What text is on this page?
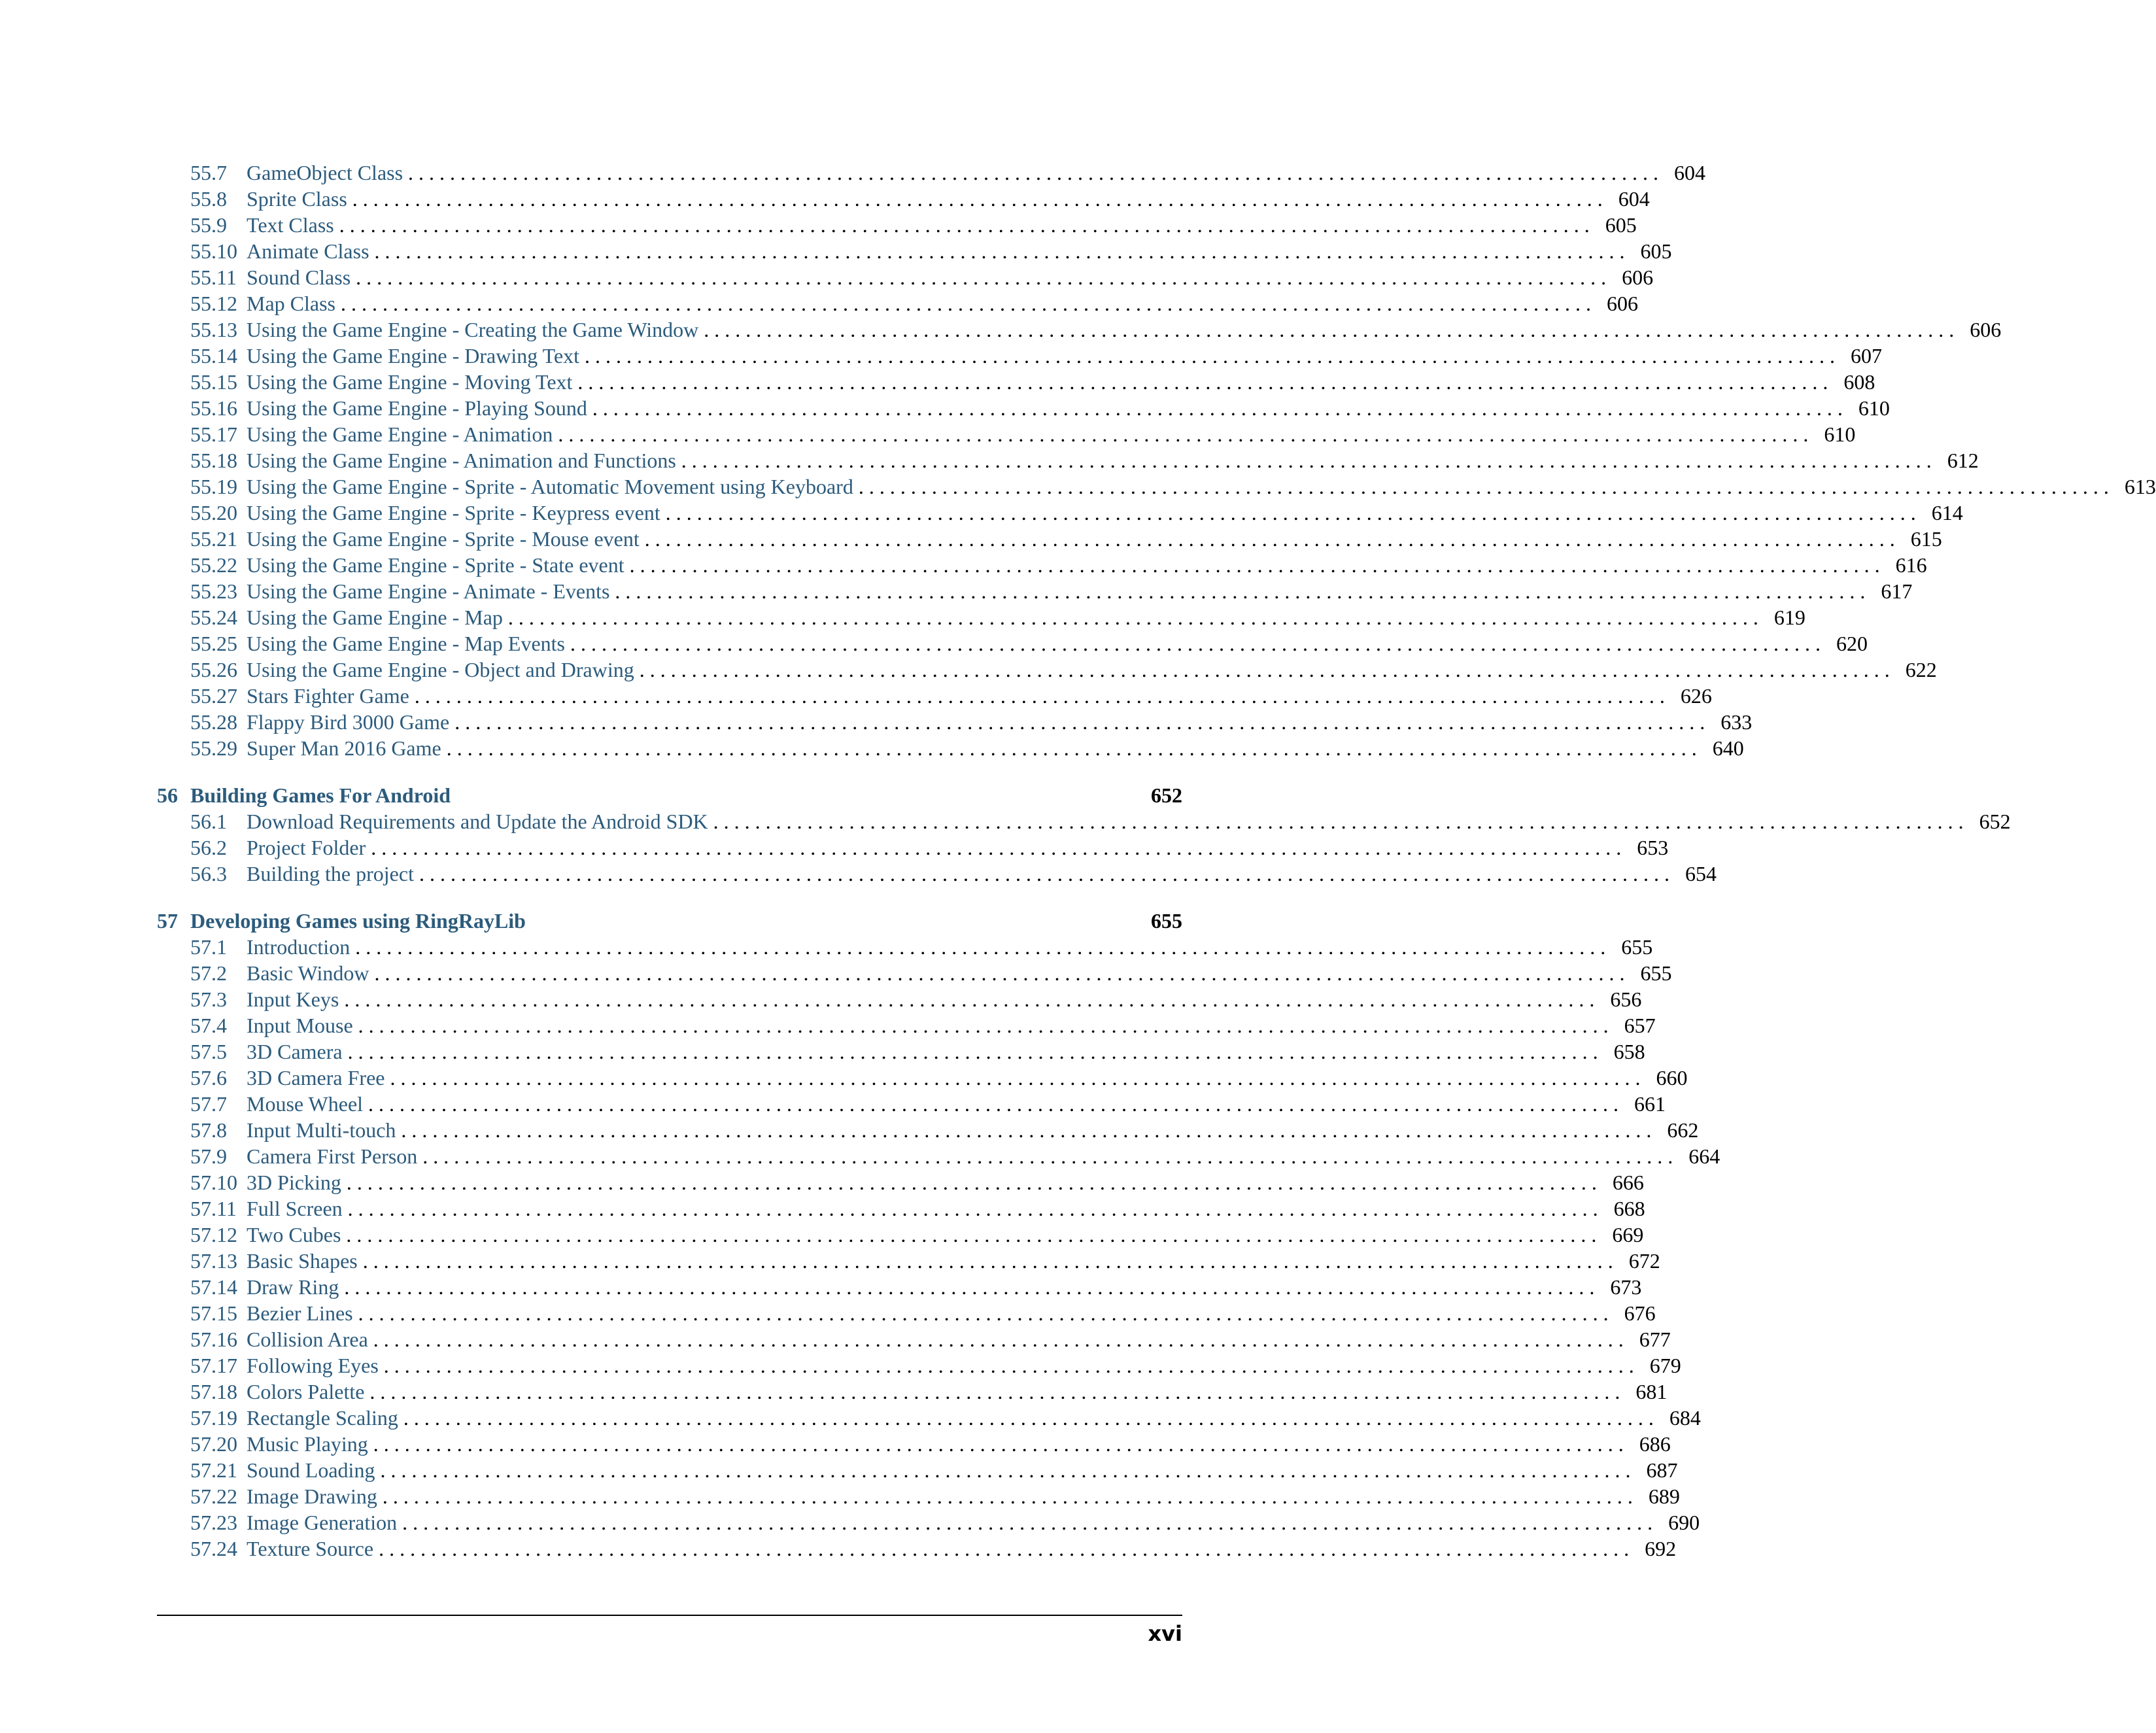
55.7 GameObject Class . . . . . . . . . . . . . . . . . . . . . . . . . . . . . . . . . . . . . . . . . . . . . . . . . . . . . . . . . . . . . . . . . . . . . . . . . . . . . . . . . . . . . . . . . . . . . . . . . . . . . . . . . . . . . . . . . . . . . . . . 604
55.8 Sprite Class . . . . . . . . . . . . . . . . . . . . . . . . . . . . . . . . . . . . . . . . . . . . . . . . . . . . . . . . . . . . . . . . . . . . . . . . . . . . . . . . . . . . . . . . . . . . . . . . . . . . . . . . . . . . . . . . . . . . . . . . 604
55.9 Text Class . . . . . . . . . . . . . . . . . . . . . . . . . . . . . . . . . . . . . . . . . . . . . . . . . . . . . . . . . . . . . . . . . . . . . . . . . . . . . . . . . . . . . . . . . . . . . . . . . . . . . . . . . . . . . . . . . . . . . . . . 605
55.10 Animate Class . . . . . . . . . . . . . . . . . . . . . . . . . . . . . . . . . . . . . . . . . . . . . . . . . . . . . . . . . . . . . . . . . . . . . . . . . . . . . . . . . . . . . . . . . . . . . . . . . . . . . . . . . . . . . . . . . . . . . . . . 605
55.11 Sound Class . . . . . . . . . . . . . . . . . . . . . . . . . . . . . . . . . . . . . . . . . . . . . . . . . . . . . . . . . . . . . . . . . . . . . . . . . . . . . . . . . . . . . . . . . . . . . . . . . . . . . . . . . . . . . . . . . . . . . . . . 606
55.12 Map Class . . . . . . . . . . . . . . . . . . . . . . . . . . . . . . . . . . . . . . . . . . . . . . . . . . . . . . . . . . . . . . . . . . . . . . . . . . . . . . . . . . . . . . . . . . . . . . . . . . . . . . . . . . . . . . . . . . . . . . . . 606
55.13 Using the Game Engine - Creating the Game Window . . . . . . . . . . . . . . . . . . . . . . . . . . . . . . . . . . . . . . . . . . . . . . . . . . . . . . . . . . . . . . . . . . . . . . . . . . . . . . . . . . . . . . . . . . . . . . . . . . . . . . . . . . . . . . . . . . . . . . . . 606
55.14 Using the Game Engine - Drawing Text . . . . . . . . . . . . . . . . . . . . . . . . . . . . . . . . . . . . . . . . . . . . . . . . . . . . . . . . . . . . . . . . . . . . . . . . . . . . . . . . . . . . . . . . . . . . . . . . . . . . . . . . . . . . . . . . . . . . . . . . 607
55.15 Using the Game Engine - Moving Text . . . . . . . . . . . . . . . . . . . . . . . . . . . . . . . . . . . . . . . . . . . . . . . . . . . . . . . . . . . . . . . . . . . . . . . . . . . . . . . . . . . . . . . . . . . . . . . . . . . . . . . . . . . . . . . . . . . . . . . . 608
55.16 Using the Game Engine - Playing Sound . . . . . . . . . . . . . . . . . . . . . . . . . . . . . . . . . . . . . . . . . . . . . . . . . . . . . . . . . . . . . . . . . . . . . . . . . . . . . . . . . . . . . . . . . . . . . . . . . . . . . . . . . . . . . . . . . . . . . . . . 610
55.17 Using the Game Engine - Animation . . . . . . . . . . . . . . . . . . . . . . . . . . . . . . . . . . . . . . . . . . . . . . . . . . . . . . . . . . . . . . . . . . . . . . . . . . . . . . . . . . . . . . . . . . . . . . . . . . . . . . . . . . . . . . . . . . . . . . . . 610
55.18 Using the Game Engine - Animation and Functions . . . . . . . . . . . . . . . . . . . . . . . . . . . . . . . . . . . . . . . . . . . . . . . . . . . . . . . . . . . . . . . . . . . . . . . . . . . . . . . . . . . . . . . . . . . . . . . . . . . . . . . . . . . . . . . . . . . . . . . . 612
55.19 Using the Game Engine - Sprite - Automatic Movement using Keyboard . . . . . . . . . . . . . . . . . . . . . . . . . . . . . . . . . . . . . . . . . . . . . . . . . . . . . . . . . . . . . . . . . . . . . . . . . . . . . . . . . . . . . . . . . . . . . . . . . . . . . . . . . . . . . . . . . . . . . . . . 613
55.20 Using the Game Engine - Sprite - Keypress event . . . . . . . . . . . . . . . . . . . . . . . . . . . . . . . . . . . . . . . . . . . . . . . . . . . . . . . . . . . . . . . . . . . . . . . . . . . . . . . . . . . . . . . . . . . . . . . . . . . . . . . . . . . . . . . . . . . . . . . . 614
55.21 Using the Game Engine - Sprite - Mouse event . . . . . . . . . . . . . . . . . . . . . . . . . . . . . . . . . . . . . . . . . . . . . . . . . . . . . . . . . . . . . . . . . . . . . . . . . . . . . . . . . . . . . . . . . . . . . . . . . . . . . . . . . . . . . . . . . . . . . . . . 615
55.22 Using the Game Engine - Sprite - State event . . . . . . . . . . . . . . . . . . . . . . . . . . . . . . . . . . . . . . . . . . . . . . . . . . . . . . . . . . . . . . . . . . . . . . . . . . . . . . . . . . . . . . . . . . . . . . . . . . . . . . . . . . . . . . . . . . . . . . . . 616
55.23 Using the Game Engine - Animate - Events . . . . . . . . . . . . . . . . . . . . . . . . . . . . . . . . . . . . . . . . . . . . . . . . . . . . . . . . . . . . . . . . . . . . . . . . . . . . . . . . . . . . . . . . . . . . . . . . . . . . . . . . . . . . . . . . . . . . . . . . 617
55.24 Using the Game Engine - Map . . . . . . . . . . . . . . . . . . . . . . . . . . . . . . . . . . . . . . . . . . . . . . . . . . . . . . . . . . . . . . . . . . . . . . . . . . . . . . . . . . . . . . . . . . . . . . . . . . . . . . . . . . . . . . . . . . . . . . . . 619
55.25 Using the Game Engine - Map Events . . . . . . . . . . . . . . . . . . . . . . . . . . . . . . . . . . . . . . . . . . . . . . . . . . . . . . . . . . . . . . . . . . . . . . . . . . . . . . . . . . . . . . . . . . . . . . . . . . . . . . . . . . . . . . . . . . . . . . . . 620
55.26 Using the Game Engine - Object and Drawing . . . . . . . . . . . . . . . . . . . . . . . . . . . . . . . . . . . . . . . . . . . . . . . . . . . . . . . . . . . . . . . . . . . . . . . . . . . . . . . . . . . . . . . . . . . . . . . . . . . . . . . . . . . . . . . . . . . . . . . . 622
55.27 Stars Fighter Game . . . . . . . . . . . . . . . . . . . . . . . . . . . . . . . . . . . . . . . . . . . . . . . . . . . . . . . . . . . . . . . . . . . . . . . . . . . . . . . . . . . . . . . . . . . . . . . . . . . . . . . . . . . . . . . . . . . . . . . . 626
55.28 Flappy Bird 3000 Game . . . . . . . . . . . . . . . . . . . . . . . . . . . . . . . . . . . . . . . . . . . . . . . . . . . . . . . . . . . . . . . . . . . . . . . . . . . . . . . . . . . . . . . . . . . . . . . . . . . . . . . . . . . . . . . . . . . . . . . . 633
55.29 Super Man 2016 Game . . . . . . . . . . . . . . . . . . . . . . . . . . . . . . . . . . . . . . . . . . . . . . . . . . . . . . . . . . . . . . . . . . . . . . . . . . . . . . . . . . . . . . . . . . . . . . . . . . . . . . . . . . . . . . . . . . . . . . . . 640
56 Building Games For Android	652
56.1 Download Requirements and Update the Android SDK . . . . . . . . . . . . . . . . . . . . . . . . . . . . . . . . . . . . . . . . . . . . . . . . . . . . . . . . . . . . . . . . . . . . . . . . . . . . . . . . . . . . . . . . . . . . . . . . . . . . . . . . . . . . . . . . . . . . . . . . 652
56.2 Project Folder . . . . . . . . . . . . . . . . . . . . . . . . . . . . . . . . . . . . . . . . . . . . . . . . . . . . . . . . . . . . . . . . . . . . . . . . . . . . . . . . . . . . . . . . . . . . . . . . . . . . . . . . . . . . . . . . . . . . . . . . 653
56.3 Building the project . . . . . . . . . . . . . . . . . . . . . . . . . . . . . . . . . . . . . . . . . . . . . . . . . . . . . . . . . . . . . . . . . . . . . . . . . . . . . . . . . . . . . . . . . . . . . . . . . . . . . . . . . . . . . . . . . . . . . . . . 654
57 Developing Games using RingRayLib	655
57.1 Introduction . . . . . . . . . . . . . . . . . . . . . . . . . . . . . . . . . . . . . . . . . . . . . . . . . . . . . . . . . . . . . . . . . . . . . . . . . . . . . . . . . . . . . . . . . . . . . . . . . . . . . . . . . . . . . . . . . . . . . . . . 655
57.2 Basic Window . . . . . . . . . . . . . . . . . . . . . . . . . . . . . . . . . . . . . . . . . . . . . . . . . . . . . . . . . . . . . . . . . . . . . . . . . . . . . . . . . . . . . . . . . . . . . . . . . . . . . . . . . . . . . . . . . . . . . . . . 655
57.3 Input Keys . . . . . . . . . . . . . . . . . . . . . . . . . . . . . . . . . . . . . . . . . . . . . . . . . . . . . . . . . . . . . . . . . . . . . . . . . . . . . . . . . . . . . . . . . . . . . . . . . . . . . . . . . . . . . . . . . . . . . . . . 656
57.4 Input Mouse . . . . . . . . . . . . . . . . . . . . . . . . . . . . . . . . . . . . . . . . . . . . . . . . . . . . . . . . . . . . . . . . . . . . . . . . . . . . . . . . . . . . . . . . . . . . . . . . . . . . . . . . . . . . . . . . . . . . . . . . 657
57.5 3D Camera . . . . . . . . . . . . . . . . . . . . . . . . . . . . . . . . . . . . . . . . . . . . . . . . . . . . . . . . . . . . . . . . . . . . . . . . . . . . . . . . . . . . . . . . . . . . . . . . . . . . . . . . . . . . . . . . . . . . . . . . 658
57.6 3D Camera Free . . . . . . . . . . . . . . . . . . . . . . . . . . . . . . . . . . . . . . . . . . . . . . . . . . . . . . . . . . . . . . . . . . . . . . . . . . . . . . . . . . . . . . . . . . . . . . . . . . . . . . . . . . . . . . . . . . . . . . . . 660
57.7 Mouse Wheel . . . . . . . . . . . . . . . . . . . . . . . . . . . . . . . . . . . . . . . . . . . . . . . . . . . . . . . . . . . . . . . . . . . . . . . . . . . . . . . . . . . . . . . . . . . . . . . . . . . . . . . . . . . . . . . . . . . . . . . . 661
57.8 Input Multi-touch . . . . . . . . . . . . . . . . . . . . . . . . . . . . . . . . . . . . . . . . . . . . . . . . . . . . . . . . . . . . . . . . . . . . . . . . . . . . . . . . . . . . . . . . . . . . . . . . . . . . . . . . . . . . . . . . . . . . . . . . 662
57.9 Camera First Person . . . . . . . . . . . . . . . . . . . . . . . . . . . . . . . . . . . . . . . . . . . . . . . . . . . . . . . . . . . . . . . . . . . . . . . . . . . . . . . . . . . . . . . . . . . . . . . . . . . . . . . . . . . . . . . . . . . . . . . . 664
57.10 3D Picking . . . . . . . . . . . . . . . . . . . . . . . . . . . . . . . . . . . . . . . . . . . . . . . . . . . . . . . . . . . . . . . . . . . . . . . . . . . . . . . . . . . . . . . . . . . . . . . . . . . . . . . . . . . . . . . . . . . . . . . . 666
57.11 Full Screen . . . . . . . . . . . . . . . . . . . . . . . . . . . . . . . . . . . . . . . . . . . . . . . . . . . . . . . . . . . . . . . . . . . . . . . . . . . . . . . . . . . . . . . . . . . . . . . . . . . . . . . . . . . . . . . . . . . . . . . . 668
57.12 Two Cubes . . . . . . . . . . . . . . . . . . . . . . . . . . . . . . . . . . . . . . . . . . . . . . . . . . . . . . . . . . . . . . . . . . . . . . . . . . . . . . . . . . . . . . . . . . . . . . . . . . . . . . . . . . . . . . . . . . . . . . . . 669
57.13 Basic Shapes . . . . . . . . . . . . . . . . . . . . . . . . . . . . . . . . . . . . . . . . . . . . . . . . . . . . . . . . . . . . . . . . . . . . . . . . . . . . . . . . . . . . . . . . . . . . . . . . . . . . . . . . . . . . . . . . . . . . . . . . 672
57.14 Draw Ring . . . . . . . . . . . . . . . . . . . . . . . . . . . . . . . . . . . . . . . . . . . . . . . . . . . . . . . . . . . . . . . . . . . . . . . . . . . . . . . . . . . . . . . . . . . . . . . . . . . . . . . . . . . . . . . . . . . . . . . . 673
57.15 Bezier Lines . . . . . . . . . . . . . . . . . . . . . . . . . . . . . . . . . . . . . . . . . . . . . . . . . . . . . . . . . . . . . . . . . . . . . . . . . . . . . . . . . . . . . . . . . . . . . . . . . . . . . . . . . . . . . . . . . . . . . . . . 676
57.16 Collision Area . . . . . . . . . . . . . . . . . . . . . . . . . . . . . . . . . . . . . . . . . . . . . . . . . . . . . . . . . . . . . . . . . . . . . . . . . . . . . . . . . . . . . . . . . . . . . . . . . . . . . . . . . . . . . . . . . . . . . . . . 677
57.17 Following Eyes . . . . . . . . . . . . . . . . . . . . . . . . . . . . . . . . . . . . . . . . . . . . . . . . . . . . . . . . . . . . . . . . . . . . . . . . . . . . . . . . . . . . . . . . . . . . . . . . . . . . . . . . . . . . . . . . . . . . . . . . 679
57.18 Colors Palette . . . . . . . . . . . . . . . . . . . . . . . . . . . . . . . . . . . . . . . . . . . . . . . . . . . . . . . . . . . . . . . . . . . . . . . . . . . . . . . . . . . . . . . . . . . . . . . . . . . . . . . . . . . . . . . . . . . . . . . . 681
57.19 Rectangle Scaling . . . . . . . . . . . . . . . . . . . . . . . . . . . . . . . . . . . . . . . . . . . . . . . . . . . . . . . . . . . . . . . . . . . . . . . . . . . . . . . . . . . . . . . . . . . . . . . . . . . . . . . . . . . . . . . . . . . . . . . . 684
57.20 Music Playing . . . . . . . . . . . . . . . . . . . . . . . . . . . . . . . . . . . . . . . . . . . . . . . . . . . . . . . . . . . . . . . . . . . . . . . . . . . . . . . . . . . . . . . . . . . . . . . . . . . . . . . . . . . . . . . . . . . . . . . . 686
57.21 Sound Loading . . . . . . . . . . . . . . . . . . . . . . . . . . . . . . . . . . . . . . . . . . . . . . . . . . . . . . . . . . . . . . . . . . . . . . . . . . . . . . . . . . . . . . . . . . . . . . . . . . . . . . . . . . . . . . . . . . . . . . . . 687
57.22 Image Drawing . . . . . . . . . . . . . . . . . . . . . . . . . . . . . . . . . . . . . . . . . . . . . . . . . . . . . . . . . . . . . . . . . . . . . . . . . . . . . . . . . . . . . . . . . . . . . . . . . . . . . . . . . . . . . . . . . . . . . . . . 689
57.23 Image Generation . . . . . . . . . . . . . . . . . . . . . . . . . . . . . . . . . . . . . . . . . . . . . . . . . . . . . . . . . . . . . . . . . . . . . . . . . . . . . . . . . . . . . . . . . . . . . . . . . . . . . . . . . . . . . . . . . . . . . . . . 690
57.24 Texture Source . . . . . . . . . . . . . . . . . . . . . . . . . . . . . . . . . . . . . . . . . . . . . . . . . . . . . . . . . . . . . . . . . . . . . . . . . . . . . . . . . . . . . . . . . . . . . . . . . . . . . . . . . . . . . . . . . . . . . . . . 692
xvi
